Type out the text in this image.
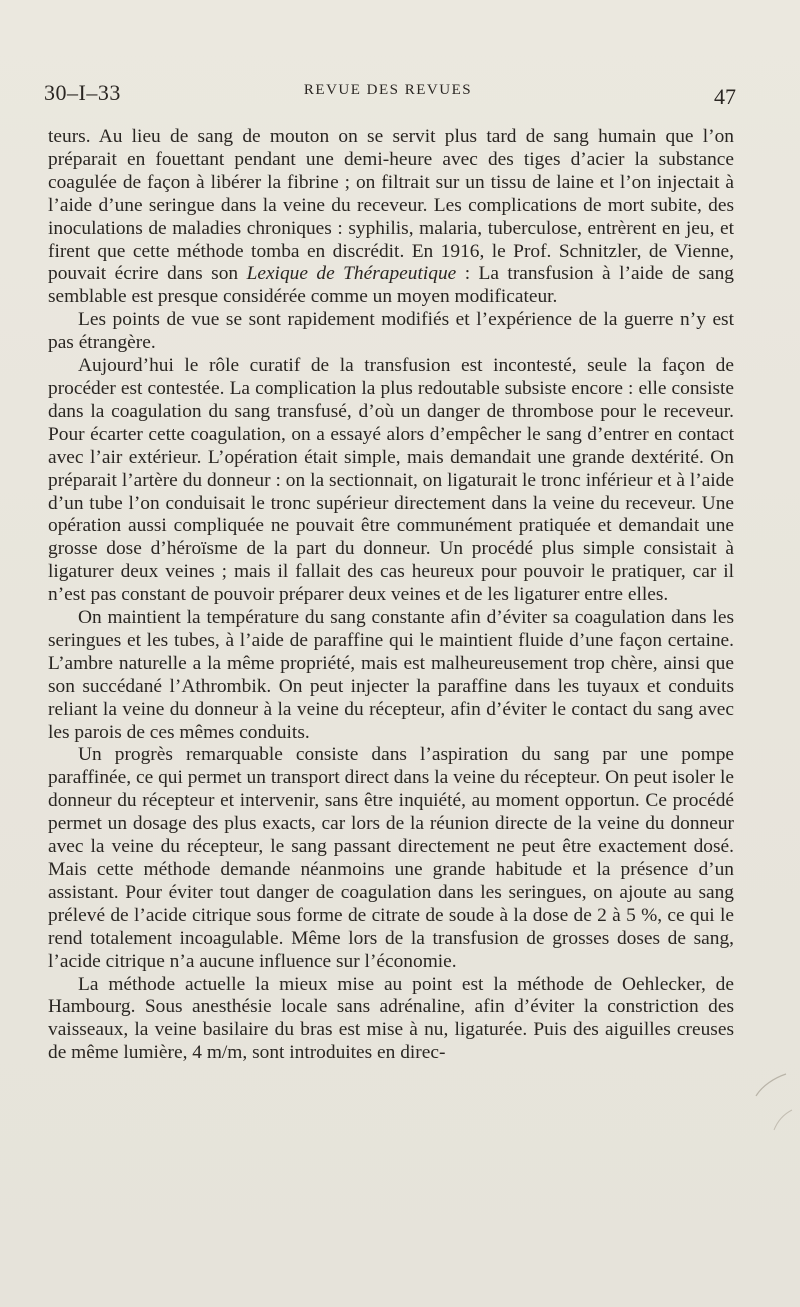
30–I–33	REVUE DES REVUES	47

teurs. Au lieu de sang de mouton on se servit plus tard de sang humain que l’on préparait en fouettant pendant une demi-heure avec des tiges d’acier la substance coagulée de façon à libérer la fibrine ; on filtrait sur un tissu de laine et l’on injectait à l’aide d’une seringue dans la veine du receveur. Les complications de mort subite, des inoculations de maladies chroniques : syphilis, malaria, tuberculose, entrèrent en jeu, et firent que cette méthode tomba en discrédit. En 1916, le Prof. Schnitzler, de Vienne, pouvait écrire dans son Lexique de Thérapeutique : La transfusion à l’aide de sang semblable est presque considérée comme un moyen modificateur.

Les points de vue se sont rapidement modifiés et l’expérience de la guerre n’y est pas étrangère.

Aujourd’hui le rôle curatif de la transfusion est incontesté, seule la façon de procéder est contestée. La complication la plus redoutable subsiste encore : elle consiste dans la coagulation du sang transfusé, d’où un danger de thrombose pour le receveur. Pour écarter cette coagulation, on a essayé alors d’empêcher le sang d’entrer en contact avec l’air extérieur. L’opération était simple, mais demandait une grande dextérité. On préparait l’artère du donneur : on la sectionnait, on ligaturait le tronc inférieur et à l’aide d’un tube l’on conduisait le tronc supérieur directement dans la veine du receveur. Une opération aussi compliquée ne pouvait être communément pratiquée et demandait une grosse dose d’héroïsme de la part du donneur. Un procédé plus simple consistait à ligaturer deux veines ; mais il fallait des cas heureux pour pouvoir le pratiquer, car il n’est pas constant de pouvoir préparer deux veines et de les ligaturer entre elles.

On maintient la température du sang constante afin d’éviter sa coagulation dans les seringues et les tubes, à l’aide de paraffine qui le maintient fluide d’une façon certaine. L’ambre naturelle a la même propriété, mais est malheureusement trop chère, ainsi que son succédané l’Athrombik. On peut injecter la paraffine dans les tuyaux et conduits reliant la veine du donneur à la veine du récepteur, afin d’éviter le contact du sang avec les parois de ces mêmes conduits.

Un progrès remarquable consiste dans l’aspiration du sang par une pompe paraffinée, ce qui permet un transport direct dans la veine du récepteur. On peut isoler le donneur du récepteur et intervenir, sans être inquiété, au moment opportun. Ce procédé permet un dosage des plus exacts, car lors de la réunion directe de la veine du donneur avec la veine du récepteur, le sang passant directement ne peut être exactement dosé. Mais cette méthode demande néanmoins une grande habitude et la présence d’un assistant. Pour éviter tout danger de coagulation dans les seringues, on ajoute au sang prélevé de l’acide citrique sous forme de citrate de soude à la dose de 2 à 5 %, ce qui le rend totalement incoagulable. Même lors de la transfusion de grosses doses de sang, l’acide citrique n’a aucune influence sur l’économie.

La méthode actuelle la mieux mise au point est la méthode de Oehlecker, de Hambourg. Sous anesthésie locale sans adrénaline, afin d’éviter la constriction des vaisseaux, la veine basilaire du bras est mise à nu, ligaturée. Puis des aiguilles creuses de même lumière, 4 m/m, sont introduites en direc-
